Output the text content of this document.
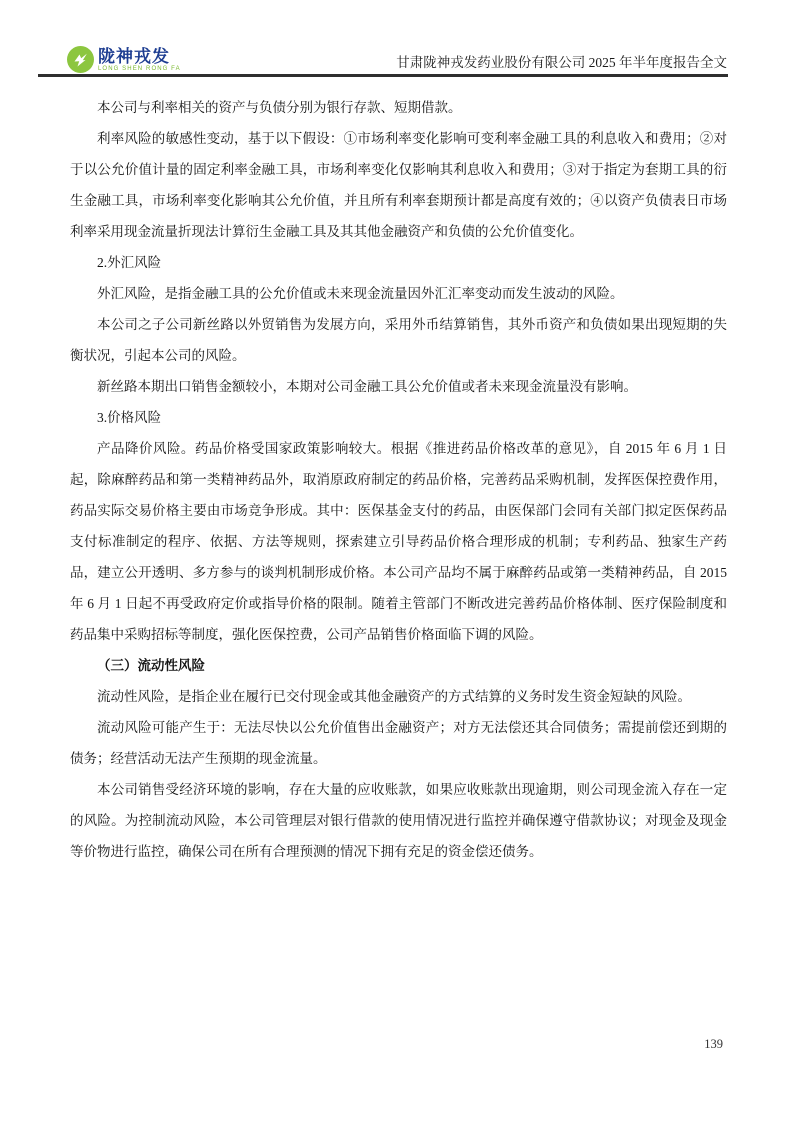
陇神戎发
LONG SHEN RONG FA	甘肃陇神戎发药业股份有限公司 2025 年半年度报告全文

本公司与利率相关的资产与负债分别为银行存款、短期借款。

利率风险的敏感性变动，基于以下假设：①市场利率变化影响可变利率金融工具的利息收入和费用；②对于以公允价值计量的固定利率金融工具，市场利率变化仅影响其利息收入和费用；③对于指定为套期工具的衍生金融工具，市场利率变化影响其公允价值，并且所有利率套期预计都是高度有效的；④以资产负债表日市场利率采用现金流量折现法计算衍生金融工具及其其他金融资产和负债的公允价值变化。

2.外汇风险

外汇风险，是指金融工具的公允价值或未来现金流量因外汇汇率变动而发生波动的风险。

本公司之子公司新丝路以外贸销售为发展方向，采用外币结算销售，其外币资产和负债如果出现短期的失衡状况，引起本公司的风险。

新丝路本期出口销售金额较小，本期对公司金融工具公允价值或者未来现金流量没有影响。

3.价格风险

产品降价风险。药品价格受国家政策影响较大。根据《推进药品价格改革的意见》，自 2015 年 6 月 1 日起，除麻醉药品和第一类精神药品外，取消原政府制定的药品价格，完善药品采购机制，发挥医保控费作用，药品实际交易价格主要由市场竞争形成。其中：医保基金支付的药品，由医保部门会同有关部门拟定医保药品支付标准制定的程序、依据、方法等规则，探索建立引导药品价格合理形成的机制；专利药品、独家生产药品，建立公开透明、多方参与的谈判机制形成价格。本公司产品均不属于麻醉药品或第一类精神药品，自 2015 年 6 月 1 日起不再受政府定价或指导价格的限制。随着主管部门不断改进完善药品价格体制、医疗保险制度和药品集中采购招标等制度，强化医保控费，公司产品销售价格面临下调的风险。

（三）流动性风险

流动性风险，是指企业在履行已交付现金或其他金融资产的方式结算的义务时发生资金短缺的风险。

流动风险可能产生于：无法尽快以公允价值售出金融资产；对方无法偿还其合同债务；需提前偿还到期的债务；经营活动无法产生预期的现金流量。

本公司销售受经济环境的影响，存在大量的应收账款，如果应收账款出现逾期，则公司现金流入存在一定的风险。为控制流动风险，本公司管理层对银行借款的使用情况进行监控并确保遵守借款协议；对现金及现金等价物进行监控，确保公司在所有合理预测的情况下拥有充足的资金偿还债务。

139
